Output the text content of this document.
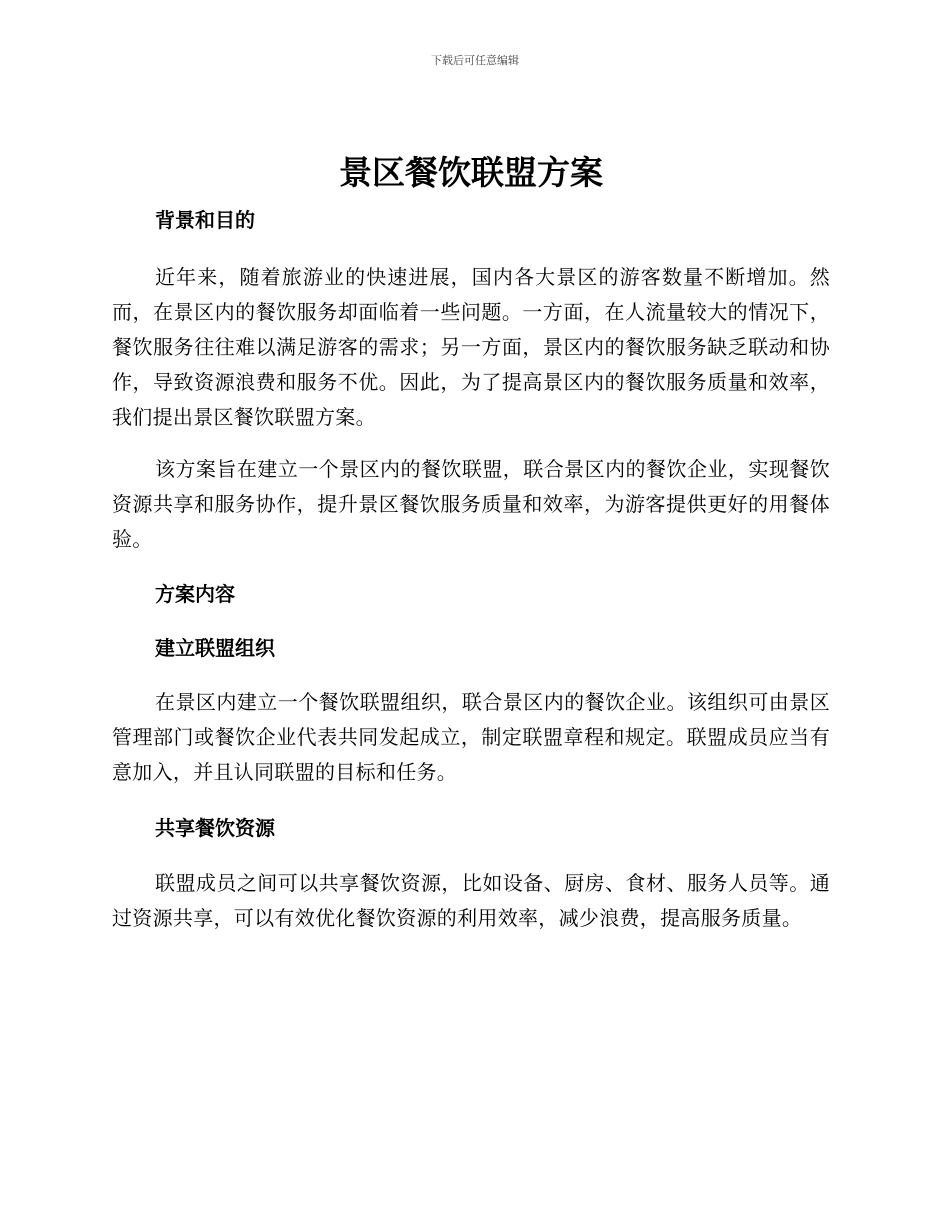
下载后可任意编辑
景区餐饮联盟方案
背景和目的

近年来，随着旅游业的快速进展，国内各大景区的游客数量不断增加。然而，在景区内的餐饮服务却面临着一些问题。一方面，在人流量较大的情况下，餐饮服务往往难以满足游客的需求；另一方面，景区内的餐饮服务缺乏联动和协作，导致资源浪费和服务不优。因此，为了提高景区内的餐饮服务质量和效率，我们提出景区餐饮联盟方案。

该方案旨在建立一个景区内的餐饮联盟，联合景区内的餐饮企业，实现餐饮资源共享和服务协作，提升景区餐饮服务质量和效率，为游客提供更好的用餐体验。

方案内容
建立联盟组织

在景区内建立一个餐饮联盟组织，联合景区内的餐饮企业。该组织可由景区管理部门或餐饮企业代表共同发起成立，制定联盟章程和规定。联盟成员应当有意加入，并且认同联盟的目标和任务。

共享餐饮资源

联盟成员之间可以共享餐饮资源，比如设备、厨房、食材、服务人员等。通过资源共享，可以有效优化餐饮资源的利用效率，减少浪费，提高服务质量。
